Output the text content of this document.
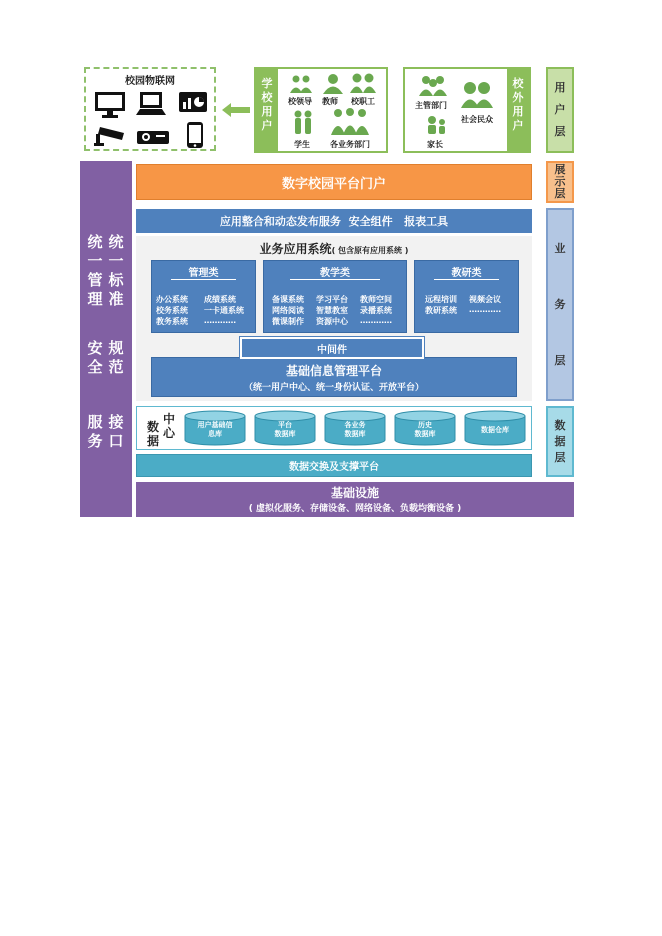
校园物联网	学
校
用
户
校领导 教师 校职工
学生	各业务部门
主管部门
社会民众
家长
校
外
用
户
用
户
层
展
示
层
业
务
层
数
据
层
统
一
管
理
统
一
标
准
安
全
规
范
服
务
接
口
数字校园平台门户
应用整合和动态发布服务  安全组件   报表工具
业务应用系统( 包含原有应用系统 )
管理类
办公系统 成绩系统
校务系统 一卡通系统
教务系统 …………
教学类
备课系统 学习平台 教师空间
网络阅读 智慧教室 录播系统
微课制作 资源中心 …………
教研类
远程培训 视频会议
教研系统 …………
基础信息管理平台
（统一用户中心、统一身份认证、开放平台）
中间件
数
据
中
心
用户基础信
息库
平台
数据库
各业务
数据库
历史
数据库	数据仓库
数据交换及支撑平台
基础设施
( 虚拟化服务、存储设备、网络设备、负载均衡设备 )
